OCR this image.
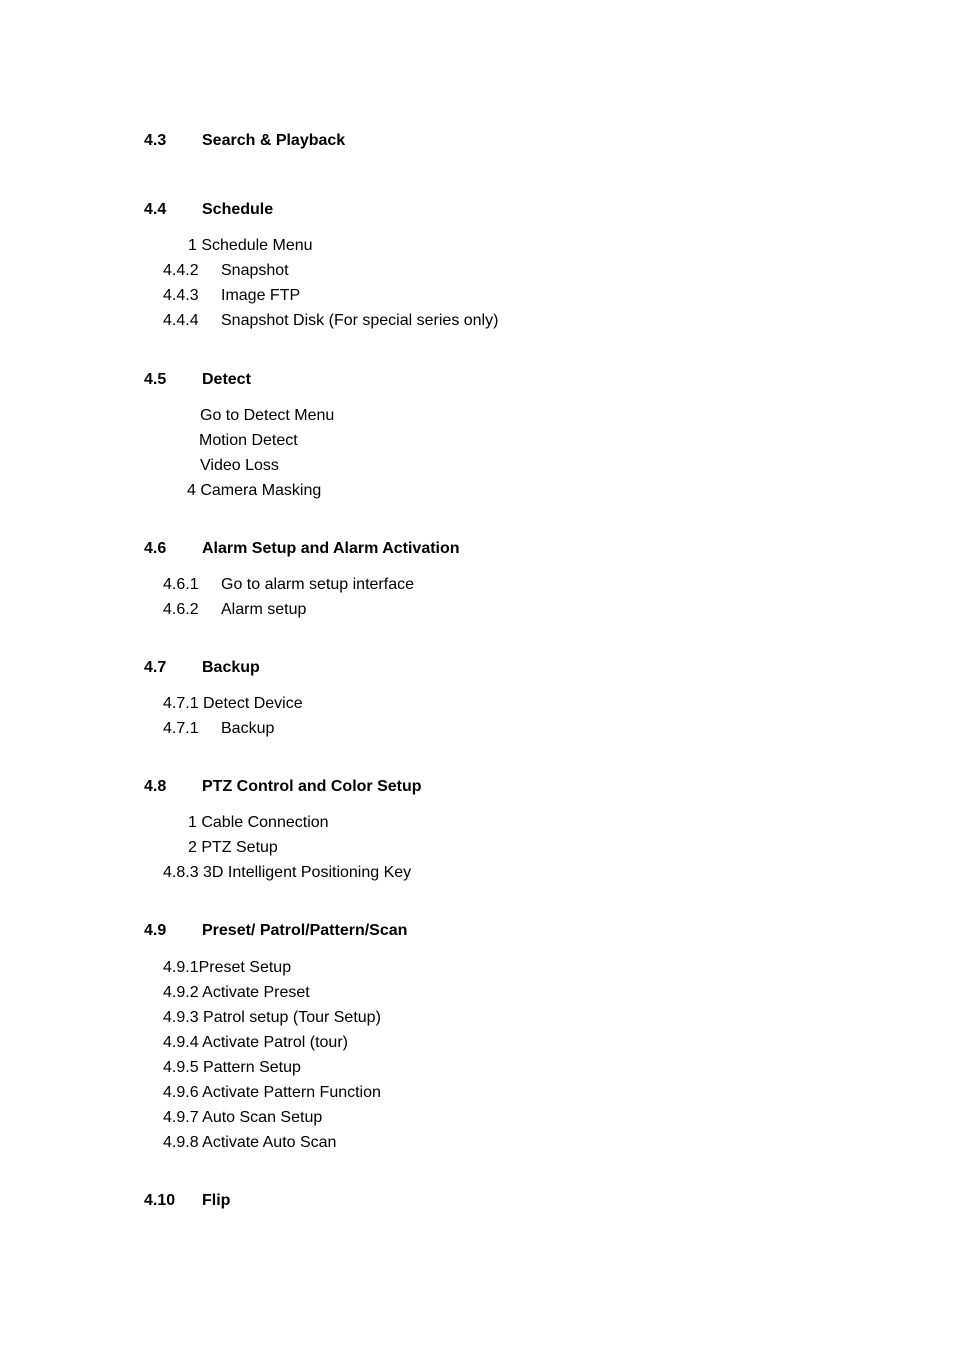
4.3

Search & Playback

4.4

Schedule

1 Schedule Menu

4.4.2

Snapshot

4.4.3

Image FTP

4.4.4

Snapshot Disk (For special series only)

4.5

Detect

Go to Detect Menu
Motion Detect
Video Loss
4 Camera Masking

4.6

Alarm Setup and Alarm Activation

4.6.1

Go to alarm setup interface

4.6.2

Alarm setup

4.7

Backup

4.7.1 Detect Device

4.7.1

Backup

4.8

PTZ Control and Color Setup

1 Cable Connection
2 PTZ Setup
4.8.3 3D Intelligent Positioning Key

4.9

Preset/ Patrol/Pattern/Scan

4.9.1Preset Setup
4.9.2 Activate Preset
4.9.3 Patrol setup (Tour Setup)
4.9.4 Activate Patrol (tour)
4.9.5 Pattern Setup
4.9.6 Activate Pattern Function
4.9.7 Auto Scan Setup
4.9.8 Activate Auto Scan

4.10

Flip
